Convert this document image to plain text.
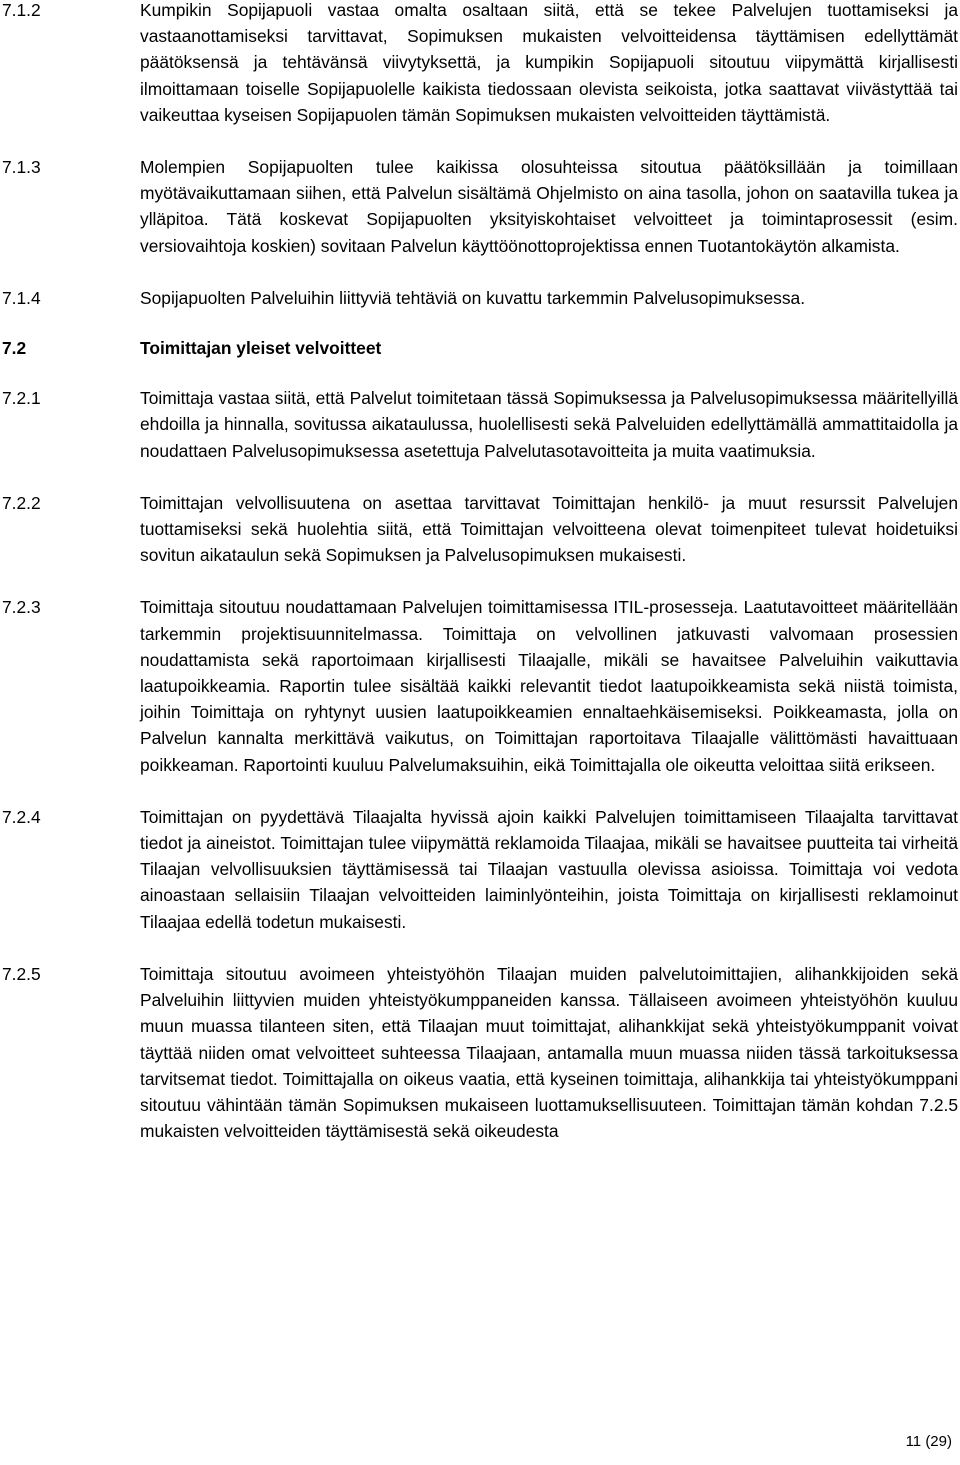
7.1.2	Kumpikin Sopijapuoli vastaa omalta osaltaan siitä, että se tekee Palvelujen tuottamiseksi ja vastaanottamiseksi tarvittavat, Sopimuksen mukaisten velvoitteidensa täyttämisen edellyttämät päätöksensä ja tehtävänsä viivytyksettä, ja kumpikin Sopijapuoli sitoutuu viipymättä kirjallisesti ilmoittamaan toiselle Sopijapuolelle kaikista tiedossaan olevista seikoista, jotka saattavat viivästyttää tai vaikeuttaa kyseisen Sopijapuolen tämän Sopimuksen mukaisten velvoitteiden täyttämistä.
7.1.3	Molempien Sopijapuolten tulee kaikissa olosuhteissa sitoutua päätöksillään ja toimillaan myötävaikuttamaan siihen, että Palvelun sisältämä Ohjelmisto on aina tasolla, johon on saatavilla tukea ja ylläpitoa. Tätä koskevat Sopijapuolten yksityiskohtaiset velvoitteet ja toimintaprosessit (esim. versiovaihtoja koskien) sovitaan Palvelun käyttöönottoprojektissa ennen Tuotantokäytön alkamista.
7.1.4	Sopijapuolten Palveluihin liittyviä tehtäviä on kuvattu tarkemmin Palvelusopimuksessa.
7.2	Toimittajan yleiset velvoitteet
7.2.1	Toimittaja vastaa siitä, että Palvelut toimitetaan tässä Sopimuksessa ja Palvelusopimuksessa määritellyillä ehdoilla ja hinnalla, sovitussa aikataulussa, huolellisesti sekä Palveluiden edellyttämällä ammattitaidolla ja noudattaen Palvelusopimuksessa asetettuja Palvelutasotavoitteita ja muita vaatimuksia.
7.2.2	Toimittajan velvollisuutena on asettaa tarvittavat Toimittajan henkilö- ja muut resurssit Palvelujen tuottamiseksi sekä huolehtia siitä, että Toimittajan velvoitteena olevat toimenpiteet tulevat hoidetuiksi sovitun aikataulun sekä Sopimuksen ja Palvelusopimuksen mukaisesti.
7.2.3	Toimittaja sitoutuu noudattamaan Palvelujen toimittamisessa ITIL-prosesseja. Laatutavoitteet määritellään tarkemmin projektisuunnitelmassa. Toimittaja on velvollinen jatkuvasti valvomaan prosessien noudattamista sekä raportoimaan kirjallisesti Tilaajalle, mikäli se havaitsee Palveluihin vaikuttavia laatupoikkeamia. Raportin tulee sisältää kaikki relevantit tiedot laatupoikkeamista sekä niistä toimista, joihin Toimittaja on ryhtynyt uusien laatupoikkeamien ennaltaehkäisemiseksi. Poikkeamasta, jolla on Palvelun kannalta merkittävä vaikutus, on Toimittajan raportoitava Tilaajalle välittömästi havaittuaan poikkeaman. Raportointi kuuluu Palvelumaksuihin, eikä Toimittajalla ole oikeutta veloittaa siitä erikseen.
7.2.4	Toimittajan on pyydettävä Tilaajalta hyvissä ajoin kaikki Palvelujen toimittamiseen Tilaajalta tarvittavat tiedot ja aineistot. Toimittajan tulee viipymättä reklamoida Tilaajaa, mikäli se havaitsee puutteita tai virheitä Tilaajan velvollisuuksien täyttämisessä tai Tilaajan vastuulla olevissa asioissa. Toimittaja voi vedota ainoastaan sellaisiin Tilaajan velvoitteiden laiminlyönteihin, joista Toimittaja on kirjallisesti reklamoinut Tilaajaa edellä todetun mukaisesti.
7.2.5	Toimittaja sitoutuu avoimeen yhteistyöhön Tilaajan muiden palvelutoimittajien, alihankkijoiden sekä Palveluihin liittyvien muiden yhteistyökumppaneiden kanssa. Tällaiseen avoimeen yhteistyöhön kuuluu muun muassa tilanteen siten, että Tilaajan muut toimittajat, alihankkijat sekä yhteistyökumppanit voivat täyttää niiden omat velvoitteet suhteessa Tilaajaan, antamalla muun muassa niiden tässä tarkoituksessa tarvitsemat tiedot. Toimittajalla on oikeus vaatia, että kyseinen toimittaja, alihankkija tai yhteistyökumppani sitoutuu vähintään tämän Sopimuksen mukaiseen luottamuksellisuuteen. Toimittajan tämän kohdan 7.2.5 mukaisten velvoitteiden täyttämisestä sekä oikeudesta
11 (29)
